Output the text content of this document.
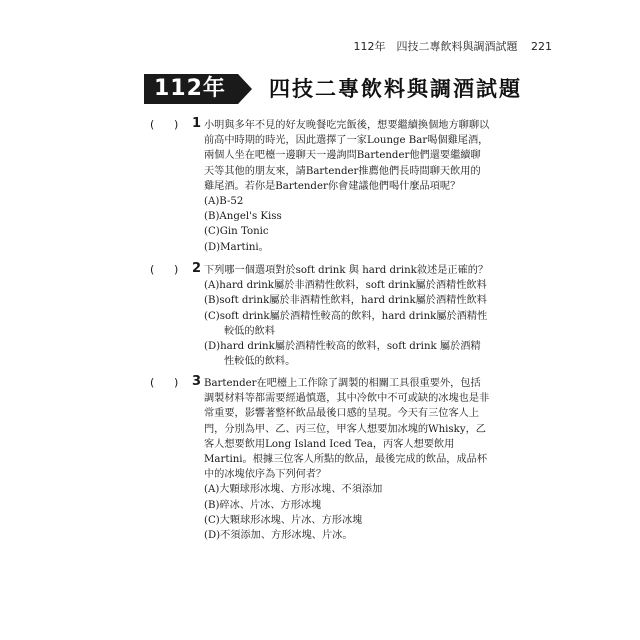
112年　四技二專飲料與調酒試題 221
112年 四技二專飲料與調酒試題
( ) 1 小明與多年不見的好友晚餐吃完飯後，想要繼續換個地方聊聊以前高中時期的時光，因此選擇了一家Lounge Bar喝個雞尾酒，兩個人坐在吧檯一邊聊天一邊詢問Bartender他們還要繼續聊天等其他的朋友來，請Bartender推薦他們長時間聊天飲用的雞尾酒。若你是Bartender你會建議他們喝什麼品項呢？

(A)B-52

(B)Angel's Kiss

(C)Gin Tonic

(D)Martini。

( ) 2 下列哪一個選項對於soft drink 與 hard drink敘述是正確的？

(A)hard drink屬於非酒精性飲料，soft drink屬於酒精性飲料

(B)soft drink屬於非酒精性飲料，hard drink屬於酒精性飲料

(C)soft drink屬於酒精性較高的飲料，hard drink屬於酒精性較低的飲料

(D)hard drink屬於酒精性較高的飲料，soft drink 屬於酒精性較低的飲料。

( ) 3 Bartender在吧檯上工作除了調製的相關工具很重要外，包括調製材料等都需要經過慎選，其中冷飲中不可或缺的冰塊也是非常重要，影響著整杯飲品最後口感的呈現。今天有三位客人上門，分別為甲、乙、丙三位，甲客人想要加冰塊的Whisky，乙客人想要飲用Long Island Iced Tea，丙客人想要飲用Martini。根據三位客人所點的飲品，最後完成的飲品，成品杯中的冰塊依序為下列何者？

(A)大顆球形冰塊、方形冰塊、不須添加

(B)碎冰、片冰、方形冰塊

(C)大顆球形冰塊、片冰、方形冰塊

(D)不須添加、方形冰塊、片冰。
